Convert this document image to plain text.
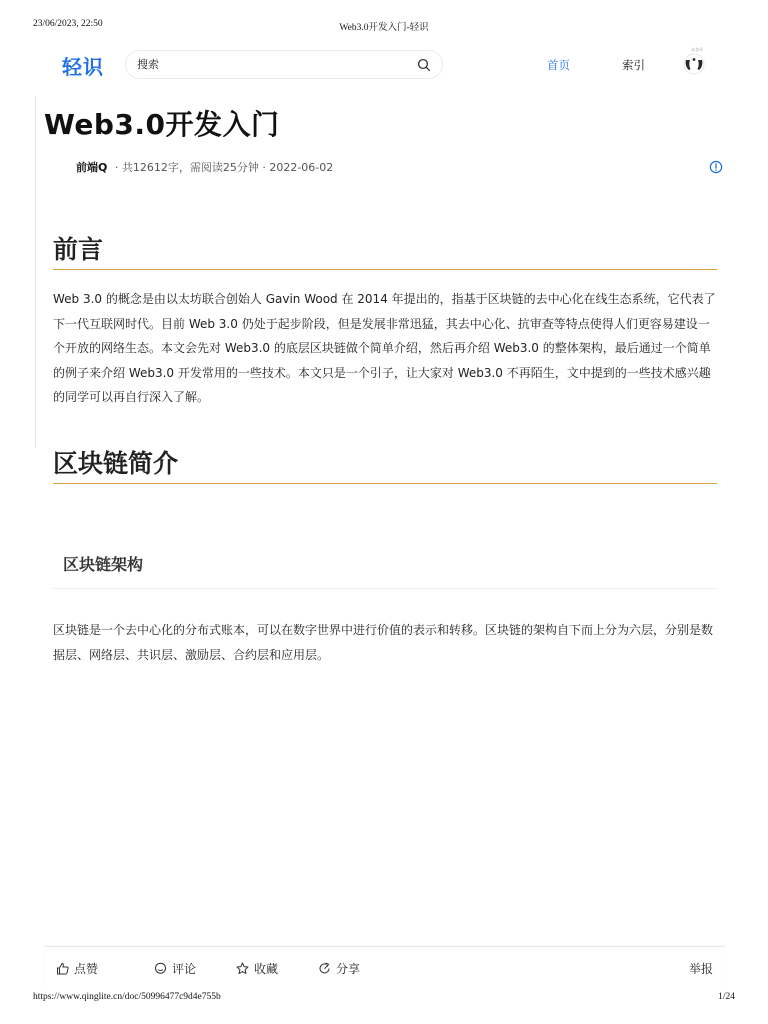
23/06/2023, 22:50	Web3.0开发入门-轻识
轻识
搜索	首页	索引
未登录
Web3.0开发入门
前端Q · 共12612字，需阅读25分钟 · 2022-06-02
前言

Web 3.0 的概念是由以太坊联合创始人 Gavin Wood 在 2014 年提出的，指基于区块链的去中心化在线生态系统，它代表了下一代互联网时代。目前 Web 3.0 仍处于起步阶段，但是发展非常迅猛，其去中心化、抗审查等特点使得人们更容易建设一个开放的网络生态。本文会先对 Web3.0 的底层区块链做个简单介绍，然后再介绍 Web3.0 的整体架构，最后通过一个简单的例子来介绍 Web3.0 开发常用的一些技术。本文只是一个引子，让大家对 Web3.0 不再陌生，文中提到的一些技术感兴趣的同学可以再自行深入了解。

区块链简介
区块链架构

区块链是一个去中心化的分布式账本，可以在数字世界中进行价值的表示和转移。区块链的架构自下而上分为六层，分别是数据层、网络层、共识层、激励层、合约层和应用层。

点赞	评论	收藏	分享	举报
https://www.qinglite.cn/doc/50996477c9d4e755b	1/24
